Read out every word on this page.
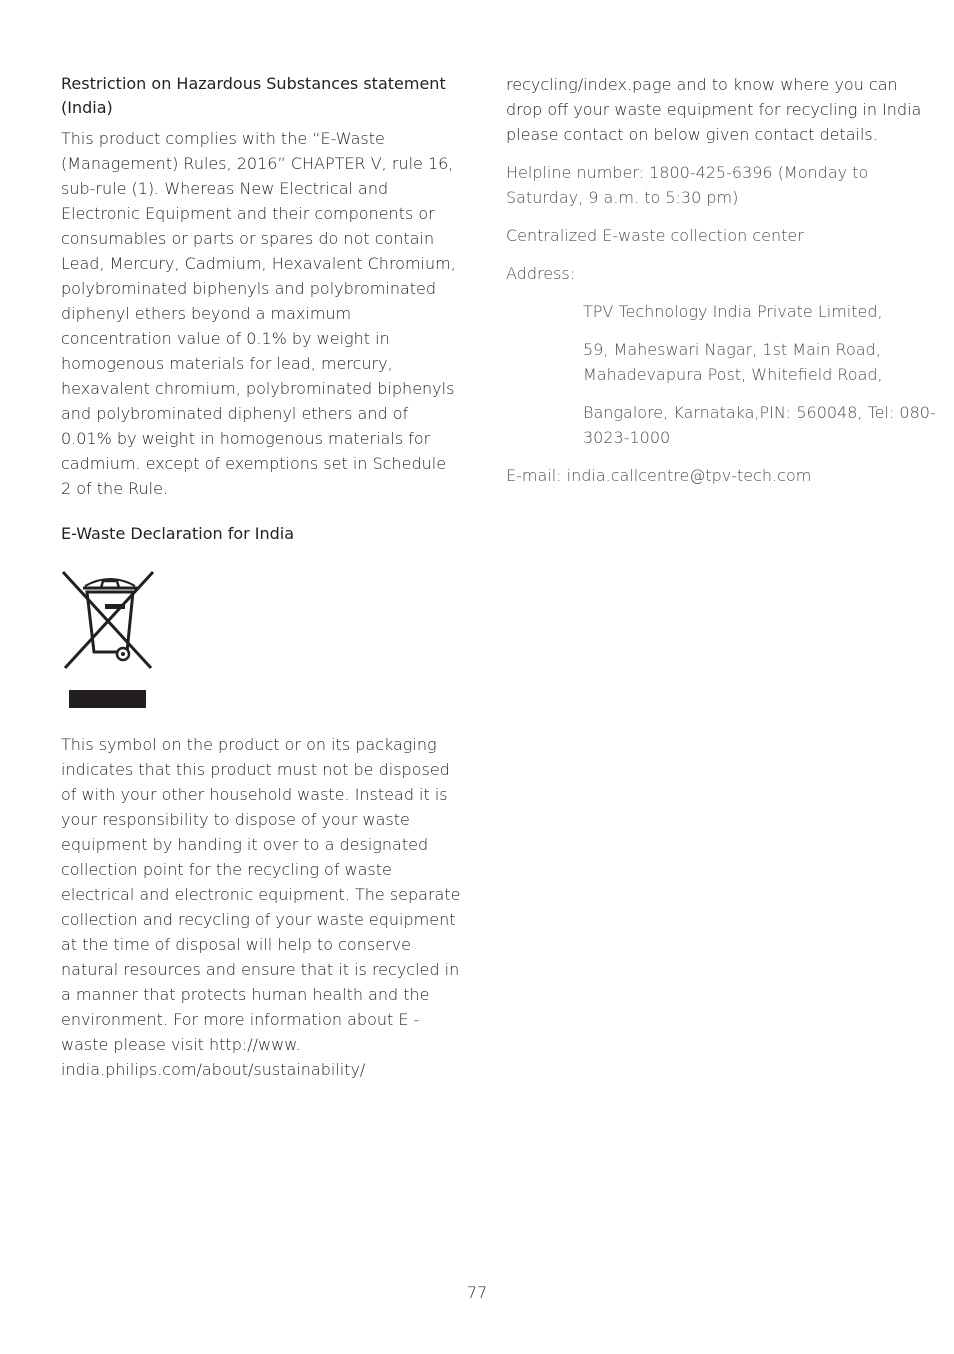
Restriction on Hazardous Substances statement (India)

This product complies with the “E-Waste (Management) Rules, 2016” CHAPTER V, rule 16, sub-rule (1). Whereas New Electrical and Electronic Equipment and their components or consumables or parts or spares do not contain Lead, Mercury, Cadmium, Hexavalent Chromium, polybrominated biphenyls and polybrominated diphenyl ethers beyond a maximum concentration value of 0.1% by weight in homogenous materials for lead, mercury, hexavalent chromium, polybrominated biphenyls and polybrominated diphenyl ethers and of 0.01% by weight in homogenous materials for cadmium. except of exemptions set in Schedule 2 of the Rule.

E-Waste Declaration for India

This symbol on the product or on its packaging indicates that this product must not be disposed of with your other household waste. Instead it is your responsibility to dispose of your waste equipment by handing it over to a designated collection point for the recycling of waste electrical and electronic equipment. The separate collection and recycling of your waste equipment at the time of disposal will help to conserve natural resources and ensure that it is recycled in a manner that protects human health and the environment. For more information about E -waste please visit http://www. india.philips.com/about/sustainability/

recycling/index.page and to know where you can drop off your waste equipment for recycling in India please contact on below given contact details.

Helpline number: 1800-425-6396 (Monday to Saturday, 9 a.m. to 5:30 pm)

Centralized E-waste collection center

Address:

TPV Technology India Private Limited,

59, Maheswari Nagar, 1st Main Road, Mahadevapura Post, Whitefield Road,

Bangalore, Karnataka,PIN: 560048, Tel: 080-3023-1000

E-mail: india.callcentre@tpv-tech.com

77
